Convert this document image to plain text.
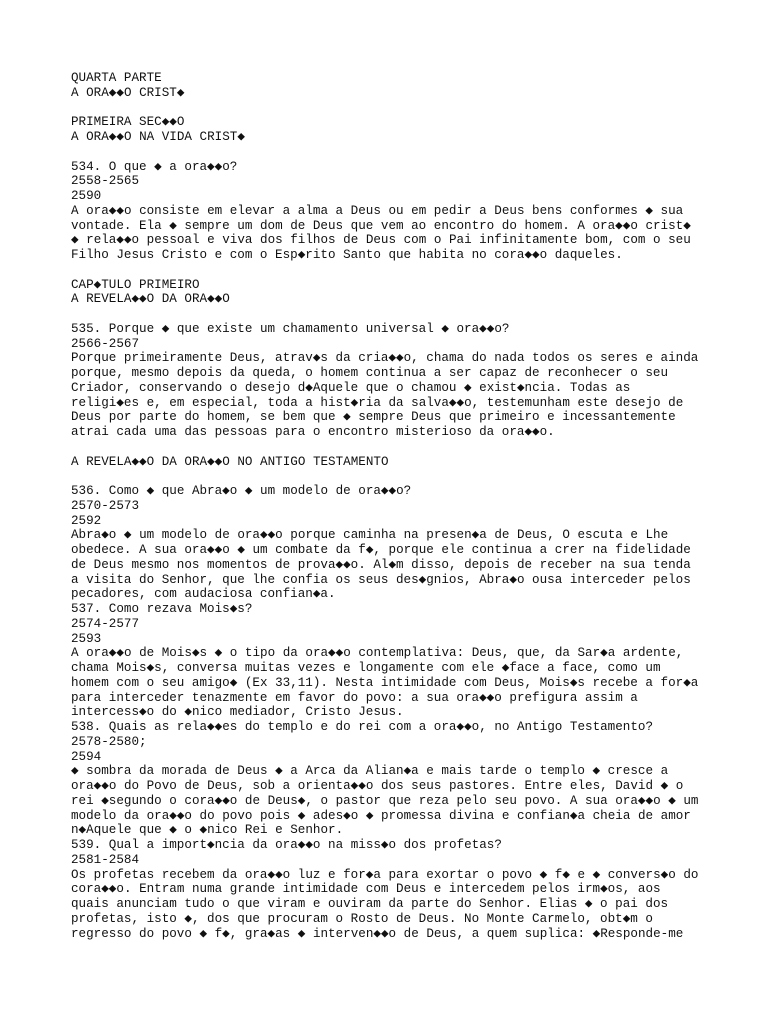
QUARTA PARTE
A ORA◆◆O CRIST◆
PRIMEIRA SEC◆◆O
A ORA◆◆O NA VIDA CRIST◆
534. O que ◆ a ora◆◆o?
2558-2565
2590
A ora◆◆o consiste em elevar a alma a Deus ou em pedir a Deus bens conformes ◆ sua
vontade. Ela ◆ sempre um dom de Deus que vem ao encontro do homem. A ora◆◆o crist◆
◆ rela◆◆o pessoal e viva dos filhos de Deus com o Pai infinitamente bom, com o seu
Filho Jesus Cristo e com o Esp◆rito Santo que habita no cora◆◆o daqueles.
CAP◆TULO PRIMEIRO
A REVELA◆◆O DA ORA◆◆O
535. Porque ◆ que existe um chamamento universal ◆ ora◆◆o?
2566-2567
Porque primeiramente Deus, atrav◆s da cria◆◆o, chama do nada todos os seres e ainda
porque, mesmo depois da queda, o homem continua a ser capaz de reconhecer o seu
Criador, conservando o desejo d◆Aquele que o chamou ◆ exist◆ncia. Todas as
religi◆es e, em especial, toda a hist◆ria da salva◆◆o, testemunham este desejo de
Deus por parte do homem, se bem que ◆ sempre Deus que primeiro e incessantemente
atrai cada uma das pessoas para o encontro misterioso da ora◆◆o.
A REVELA◆◆O DA ORA◆◆O NO ANTIGO TESTAMENTO
536. Como ◆ que Abra◆o ◆ um modelo de ora◆◆o?
2570-2573
2592
Abra◆o ◆ um modelo de ora◆◆o porque caminha na presen◆a de Deus, O escuta e Lhe
obedece. A sua ora◆◆o ◆ um combate da f◆, porque ele continua a crer na fidelidade
de Deus mesmo nos momentos de prova◆◆o. Al◆m disso, depois de receber na sua tenda
a visita do Senhor, que lhe confia os seus des◆gnios, Abra◆o ousa interceder pelos
pecadores, com audaciosa confian◆a.
537. Como rezava Mois◆s?
2574-2577
2593
A ora◆◆o de Mois◆s ◆ o tipo da ora◆◆o contemplativa: Deus, que, da Sar◆a ardente,
chama Mois◆s, conversa muitas vezes e longamente com ele ◆face a face, como um
homem com o seu amigo◆ (Ex 33,11). Nesta intimidade com Deus, Mois◆s recebe a for◆a
para interceder tenazmente em favor do povo: a sua ora◆◆o prefigura assim a
intercess◆o do ◆nico mediador, Cristo Jesus.
538. Quais as rela◆◆es do templo e do rei com a ora◆◆o, no Antigo Testamento?
2578-2580;
2594
◆ sombra da morada de Deus ◆ a Arca da Alian◆a e mais tarde o templo ◆ cresce a
ora◆◆o do Povo de Deus, sob a orienta◆◆o dos seus pastores. Entre eles, David ◆ o
rei ◆segundo o cora◆◆o de Deus◆, o pastor que reza pelo seu povo. A sua ora◆◆o ◆ um
modelo da ora◆◆o do povo pois ◆ ades◆o ◆ promessa divina e confian◆a cheia de amor
n◆Aquele que ◆ o ◆nico Rei e Senhor.
539. Qual a import◆ncia da ora◆◆o na miss◆o dos profetas?
2581-2584
Os profetas recebem da ora◆◆o luz e for◆a para exortar o povo ◆ f◆ e ◆ convers◆o do
cora◆◆o. Entram numa grande intimidade com Deus e intercedem pelos irm◆os, aos
quais anunciam tudo o que viram e ouviram da parte do Senhor. Elias ◆ o pai dos
profetas, isto ◆, dos que procuram o Rosto de Deus. No Monte Carmelo, obt◆m o
regresso do povo ◆ f◆, gra◆as ◆ interven◆◆o de Deus, a quem suplica: ◆Responde-me
